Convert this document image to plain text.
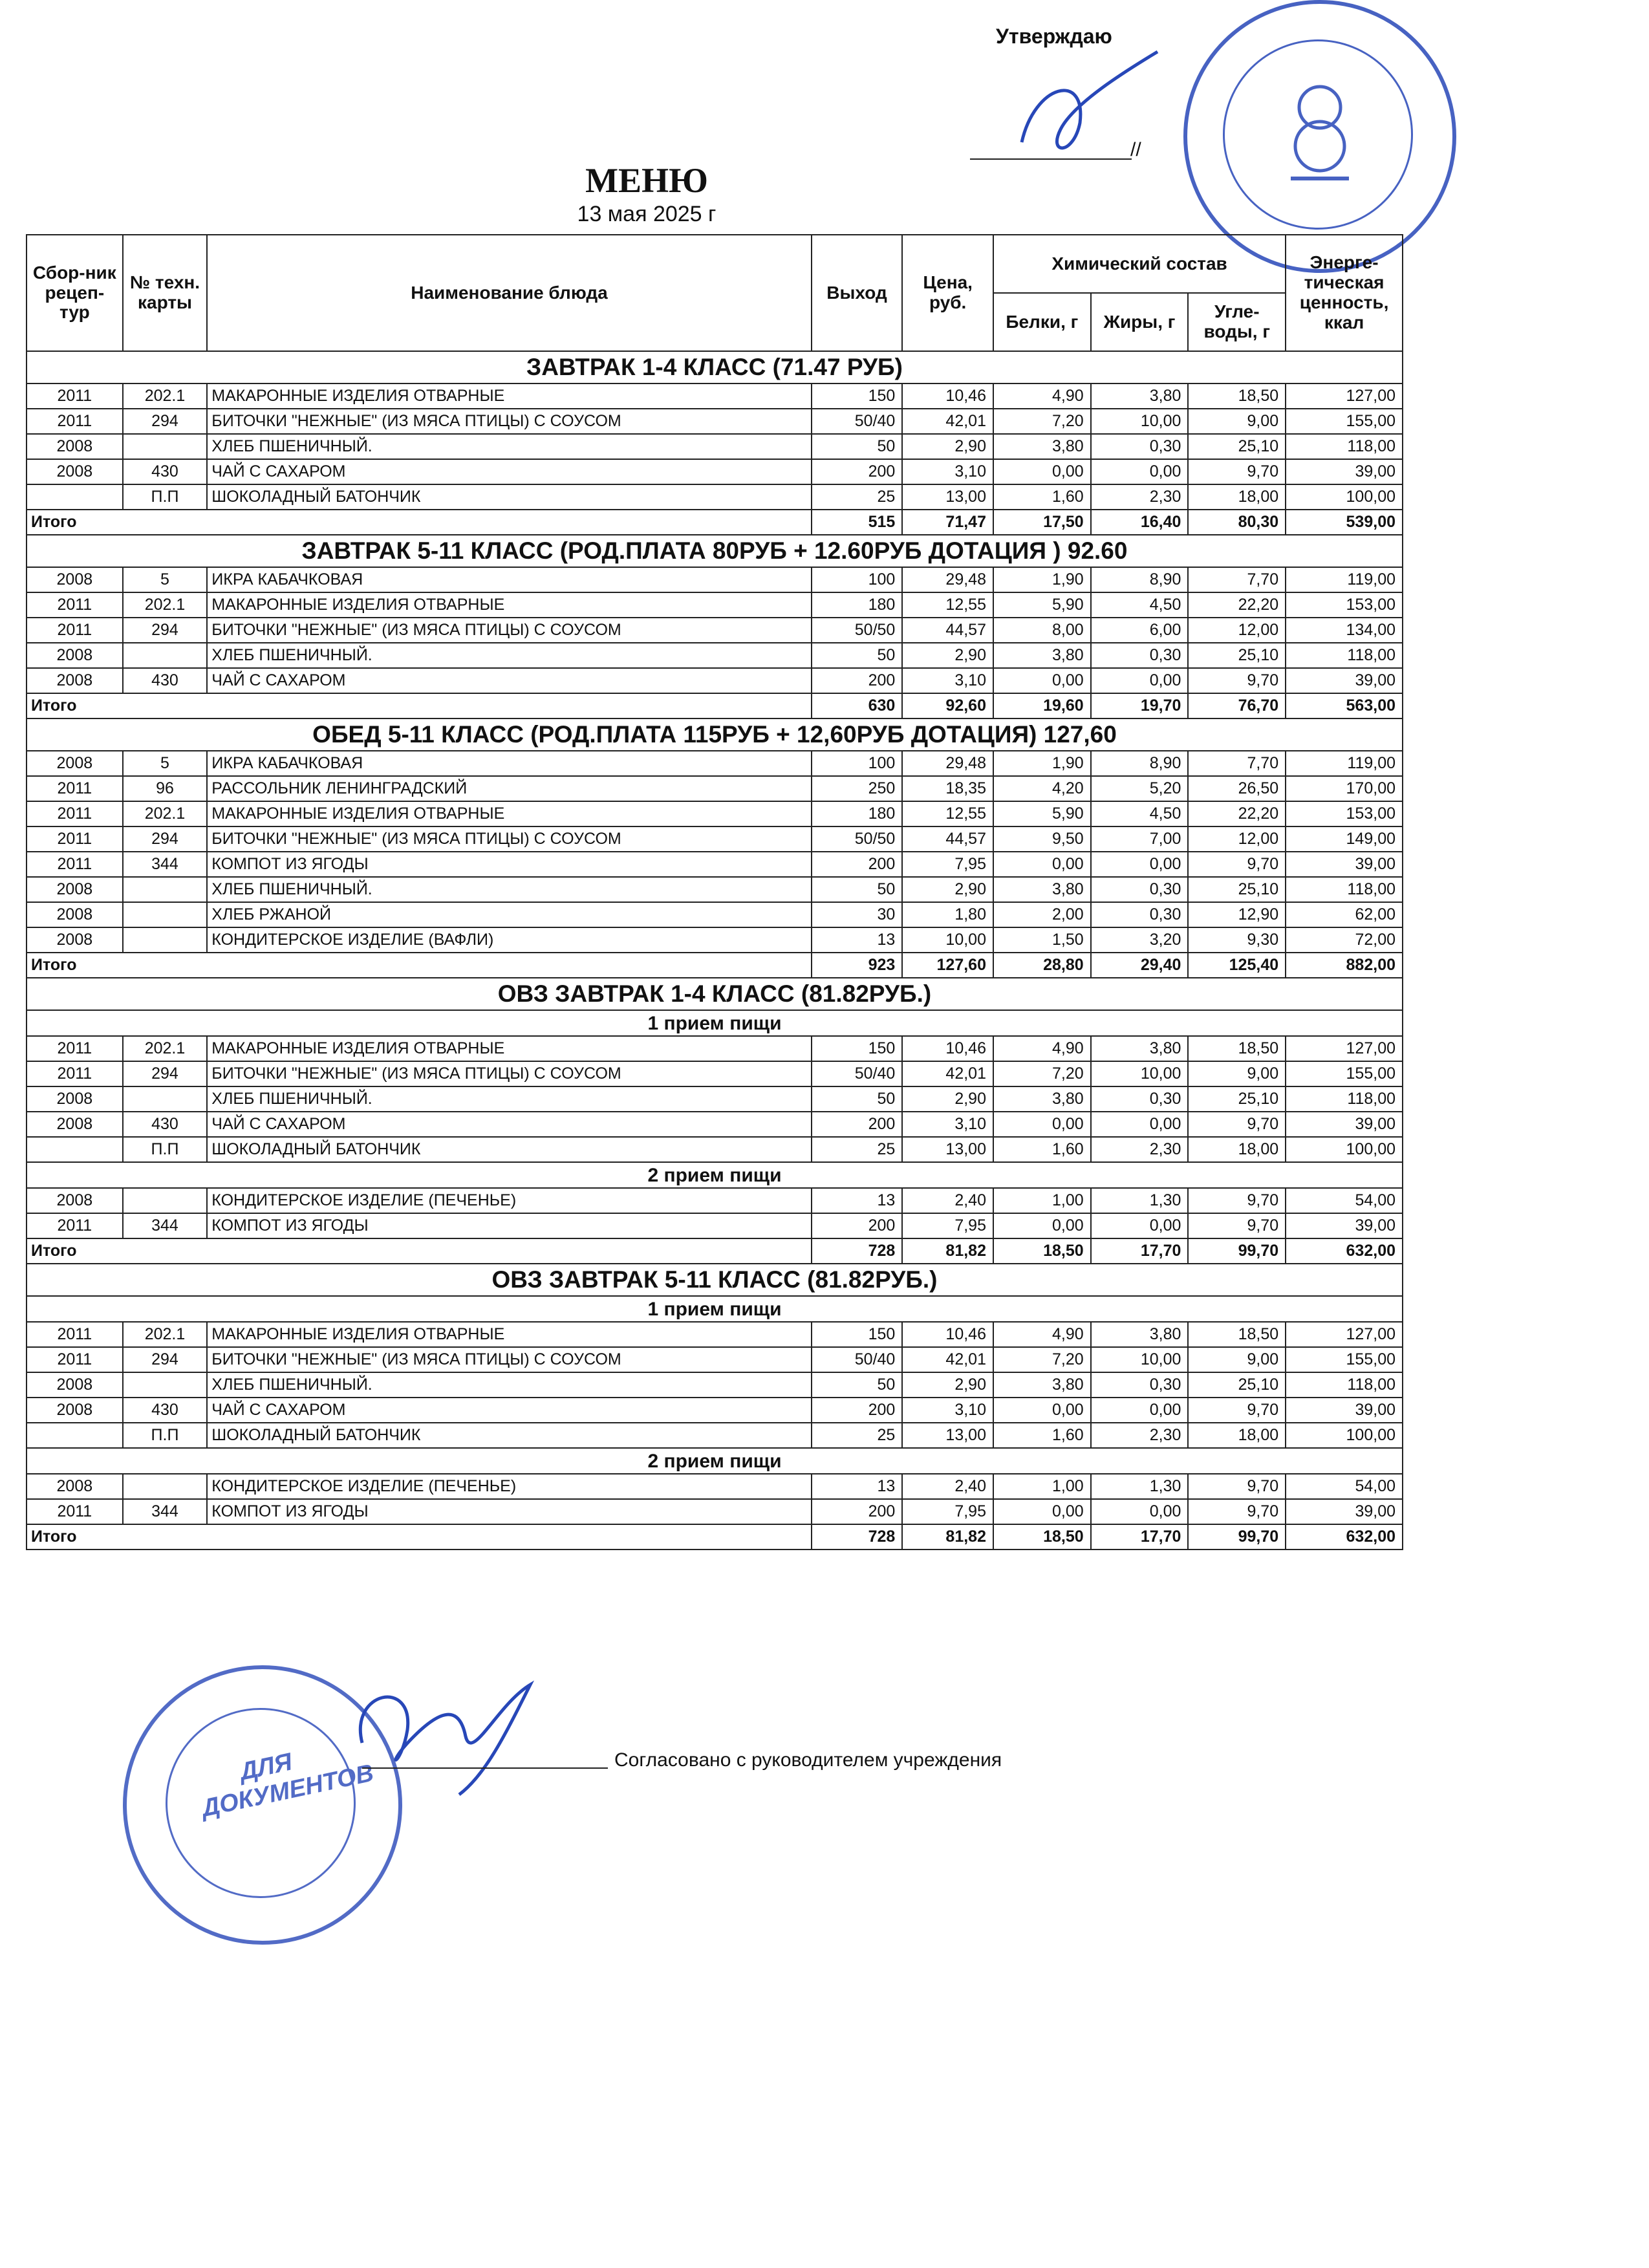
Утверждаю
//
МЕНЮ
13 мая 2025 г
Сбор-ник рецеп-тур	№ техн. карты	Наименование блюда	Выход	Цена, руб.	Химический состав			Энерге-тическая ценность, ккал
					Белки, г	Жиры, г	Угле-воды, г	
ЗАВТРАК 1-4 КЛАСС (71.47 РУБ)								
2011	202.1	МАКАРОННЫЕ ИЗДЕЛИЯ ОТВАРНЫЕ	150	10,46	4,90	3,80	18,50	127,00
2011	294	БИТОЧКИ "НЕЖНЫЕ" (ИЗ МЯСА ПТИЦЫ) С СОУСОМ	50/40	42,01	7,20	10,00	9,00	155,00
2008		ХЛЕБ ПШЕНИЧНЫЙ.	50	2,90	3,80	0,30	25,10	118,00
2008	430	ЧАЙ С САХАРОМ	200	3,10	0,00	0,00	9,70	39,00
	П.П	ШОКОЛАДНЫЙ БАТОНЧИК	25	13,00	1,60	2,30	18,00	100,00
Итого			515	71,47	17,50	16,40	80,30	539,00
ЗАВТРАК 5-11 КЛАСС (РОД.ПЛАТА 80РУБ + 12.60РУБ ДОТАЦИЯ ) 92.60								
2008	5	ИКРА КАБАЧКОВАЯ	100	29,48	1,90	8,90	7,70	119,00
2011	202.1	МАКАРОННЫЕ ИЗДЕЛИЯ ОТВАРНЫЕ	180	12,55	5,90	4,50	22,20	153,00
2011	294	БИТОЧКИ "НЕЖНЫЕ" (ИЗ МЯСА ПТИЦЫ) С СОУСОМ	50/50	44,57	8,00	6,00	12,00	134,00
2008		ХЛЕБ ПШЕНИЧНЫЙ.	50	2,90	3,80	0,30	25,10	118,00
2008	430	ЧАЙ С САХАРОМ	200	3,10	0,00	0,00	9,70	39,00
Итого			630	92,60	19,60	19,70	76,70	563,00
ОБЕД 5-11 КЛАСС (РОД.ПЛАТА 115РУБ + 12,60РУБ ДОТАЦИЯ) 127,60								
2008	5	ИКРА КАБАЧКОВАЯ	100	29,48	1,90	8,90	7,70	119,00
2011	96	РАССОЛЬНИК ЛЕНИНГРАДСКИЙ	250	18,35	4,20	5,20	26,50	170,00
2011	202.1	МАКАРОННЫЕ ИЗДЕЛИЯ ОТВАРНЫЕ	180	12,55	5,90	4,50	22,20	153,00
2011	294	БИТОЧКИ "НЕЖНЫЕ" (ИЗ МЯСА ПТИЦЫ) С СОУСОМ	50/50	44,57	9,50	7,00	12,00	149,00
2011	344	КОМПОТ ИЗ ЯГОДЫ	200	7,95	0,00	0,00	9,70	39,00
2008		ХЛЕБ ПШЕНИЧНЫЙ.	50	2,90	3,80	0,30	25,10	118,00
2008		ХЛЕБ РЖАНОЙ	30	1,80	2,00	0,30	12,90	62,00
2008		КОНДИТЕРСКОЕ ИЗДЕЛИЕ (ВАФЛИ)	13	10,00	1,50	3,20	9,30	72,00
Итого			923	127,60	28,80	29,40	125,40	882,00
ОВЗ ЗАВТРАК 1-4 КЛАСС (81.82РУБ.)								
1 прием пищи								
2011	202.1	МАКАРОННЫЕ ИЗДЕЛИЯ ОТВАРНЫЕ	150	10,46	4,90	3,80	18,50	127,00
2011	294	БИТОЧКИ "НЕЖНЫЕ" (ИЗ МЯСА ПТИЦЫ) С СОУСОМ	50/40	42,01	7,20	10,00	9,00	155,00
2008		ХЛЕБ ПШЕНИЧНЫЙ.	50	2,90	3,80	0,30	25,10	118,00
2008	430	ЧАЙ С САХАРОМ	200	3,10	0,00	0,00	9,70	39,00
	П.П	ШОКОЛАДНЫЙ БАТОНЧИК	25	13,00	1,60	2,30	18,00	100,00
2 прием пищи								
2008		КОНДИТЕРСКОЕ ИЗДЕЛИЕ (ПЕЧЕНЬЕ)	13	2,40	1,00	1,30	9,70	54,00
2011	344	КОМПОТ ИЗ ЯГОДЫ	200	7,95	0,00	0,00	9,70	39,00
Итого			728	81,82	18,50	17,70	99,70	632,00
ОВЗ ЗАВТРАК 5-11 КЛАСС (81.82РУБ.)								
1 прием пищи								
2011	202.1	МАКАРОННЫЕ ИЗДЕЛИЯ ОТВАРНЫЕ	150	10,46	4,90	3,80	18,50	127,00
2011	294	БИТОЧКИ "НЕЖНЫЕ" (ИЗ МЯСА ПТИЦЫ) С СОУСОМ	50/40	42,01	7,20	10,00	9,00	155,00
2008		ХЛЕБ ПШЕНИЧНЫЙ.	50	2,90	3,80	0,30	25,10	118,00
2008	430	ЧАЙ С САХАРОМ	200	3,10	0,00	0,00	9,70	39,00
	П.П	ШОКОЛАДНЫЙ БАТОНЧИК	25	13,00	1,60	2,30	18,00	100,00
2 прием пищи								
2008		КОНДИТЕРСКОЕ ИЗДЕЛИЕ (ПЕЧЕНЬЕ)	13	2,40	1,00	1,30	9,70	54,00
2011	344	КОМПОТ ИЗ ЯГОДЫ	200	7,95	0,00	0,00	9,70	39,00
Итого			728	81,82	18,50	17,70	99,70	632,00
ДЛЯ ДОКУМЕНТОВ	Согласовано с руководителем учреждения
